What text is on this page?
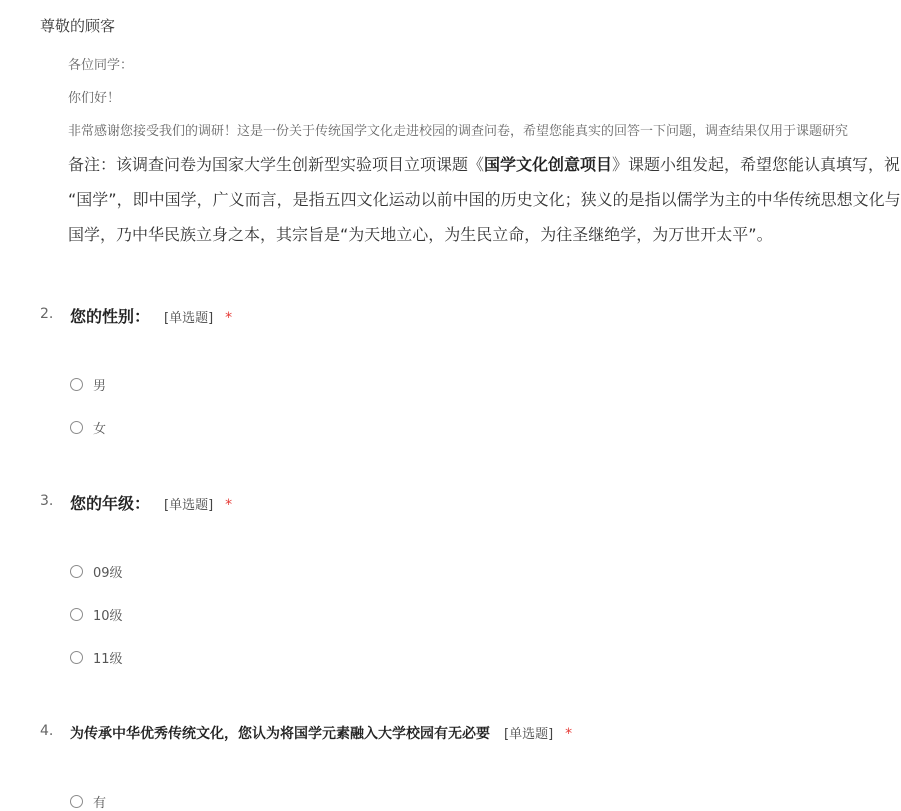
尊敬的顾客
各位同学：
你们好！
非常感谢您接受我们的调研！这是一份关于传统国学文化走进校园的调查问卷，希望您能真实的回答一下问题，调查结果仅用于课题研究
备注：该调查问卷为国家大学生创新型实验项目立项课题《国学文化创意项目》课题小组发起，希望您能认真填写，祝
“国学”，即中国学，广义而言，是指五四文化运动以前中国的历史文化；狭义的是指以儒学为主的中华传统思想文化与
国学，乃中华民族立身之本，其宗旨是“为天地立心，为生民立命，为往圣继绝学，为万世开太平”。
2. 您的性别： [单选题] *
男
女
3. 您的年级： [单选题] *
09级
10级
11级
4. 为传承中华优秀传统文化，您认为将国学元素融入大学校园有无必要 [单选题] *
有
